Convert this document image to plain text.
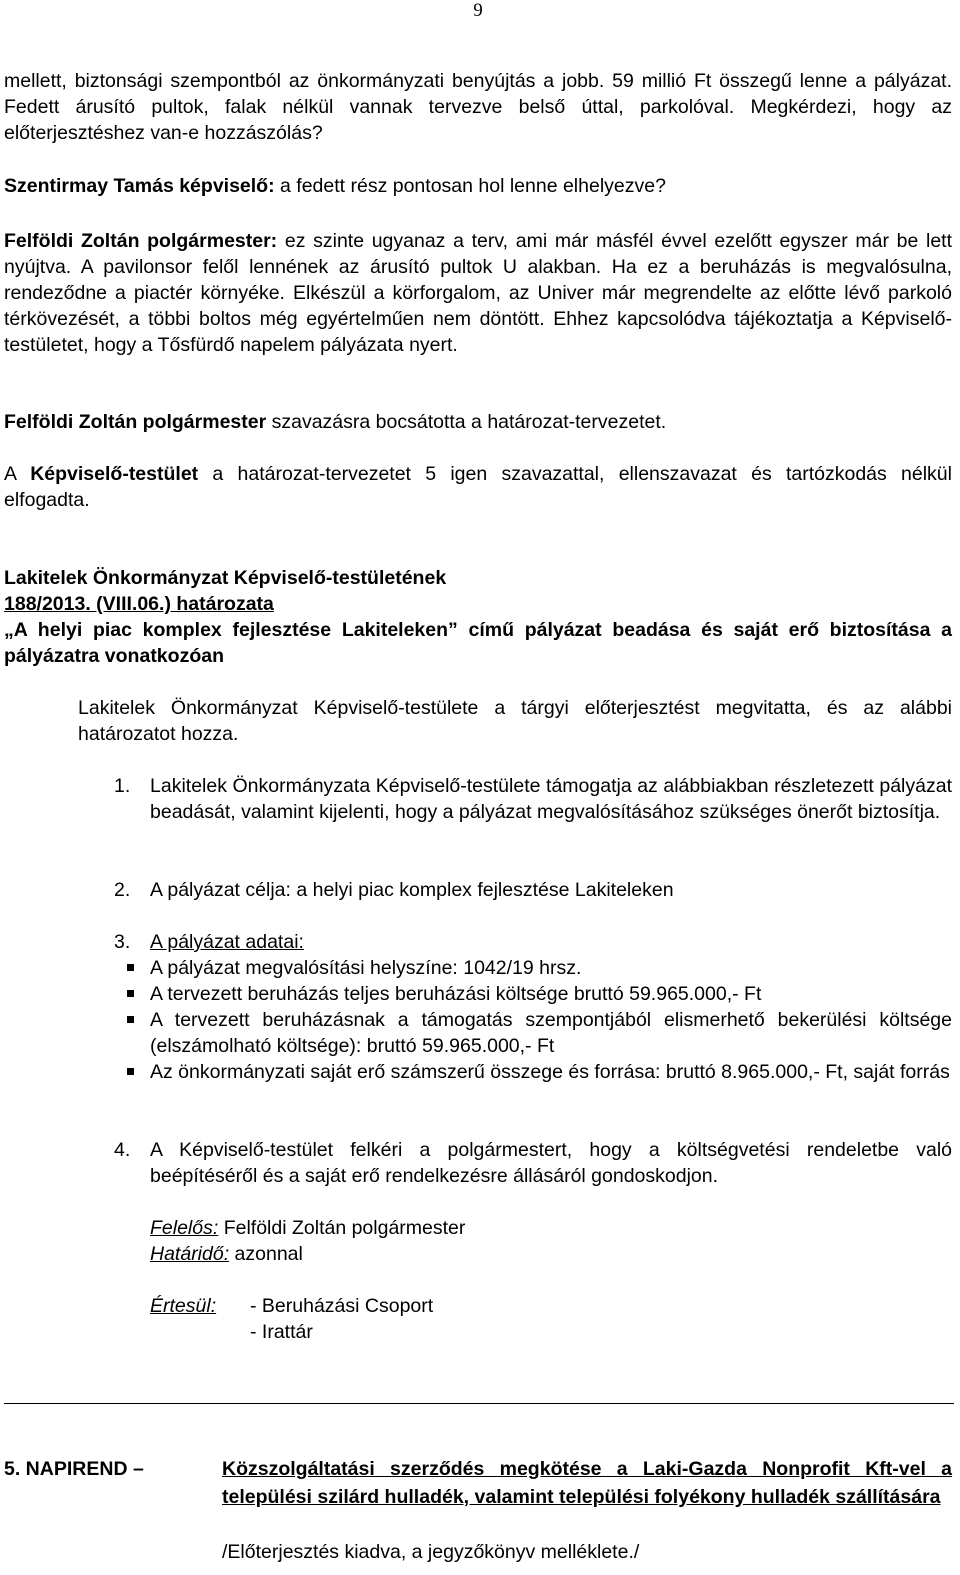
9

mellett, biztonsági szempontból az önkormányzati benyújtás a jobb. 59 millió Ft összegű lenne a pályázat. Fedett árusító pultok, falak nélkül vannak tervezve belső úttal, parkolóval. Megkérdezi, hogy az előterjesztéshez van-e hozzászólás?

Szentirmay Tamás képviselő: a fedett rész pontosan hol lenne elhelyezve?

Felföldi Zoltán polgármester: ez szinte ugyanaz a terv, ami már másfél évvel ezelőtt egyszer már be lett nyújtva. A pavilonsor felől lennének az árusító pultok U alakban. Ha ez a beruházás is megvalósulna, rendeződne a piactér környéke. Elkészül a körforgalom, az Univer már megrendelte az előtte lévő parkoló térkövezését, a többi boltos még egyértelműen nem döntött. Ehhez kapcsolódva tájékoztatja a Képviselő-testületet, hogy a Tősfürdő napelem pályázata nyert.

Felföldi Zoltán polgármester szavazásra bocsátotta a határozat-tervezetet.

A Képviselő-testület a határozat-tervezetet 5 igen szavazattal, ellenszavazat és tartózkodás nélkül elfogadta.

Lakitelek Önkormányzat Képviselő-testületének

188/2013. (VIII.06.) határozata

„A helyi piac komplex fejlesztése Lakiteleken” című pályázat beadása és saját erő biztosítása a pályázatra vonatkozóan

Lakitelek Önkormányzat Képviselő-testülete a tárgyi előterjesztést megvitatta, és az alábbi határozatot hozza.

1.	Lakitelek Önkormányzata Képviselő-testülete támogatja az alábbiakban részletezett pályázat beadását, valamint kijelenti, hogy a pályázat megvalósításához szükséges önerőt biztosítja.
2.	A pályázat célja: a helyi piac komplex fejlesztése Lakiteleken
3.	A pályázat adatai:
A pályázat megvalósítási helyszíne: 1042/19 hrsz.
A tervezett beruházás teljes beruházási költsége bruttó 59.965.000,- Ft
A tervezett beruházásnak a támogatás szempontjából elismerhető bekerülési költsége (elszámolható költsége): bruttó 59.965.000,- Ft
Az önkormányzati saját erő számszerű összege és forrása: bruttó 8.965.000,- Ft, saját forrás
4.	A Képviselő-testület felkéri a polgármestert, hogy a költségvetési rendeletbe való beépítéséről és a saját erő rendelkezésre állásáról gondoskodjon.

Felelős: Felföldi Zoltán polgármester

Határidő: azonnal

Értesül: - Beruházási Csoport

- Irattár

5. NAPIREND –	Közszolgáltatási szerződés megkötése a Laki-Gazda Nonprofit Kft-vel a települési szilárd hulladék, valamint települési folyékony hulladék szállítására
/Előterjesztés kiadva, a jegyzőkönyv melléklete./
